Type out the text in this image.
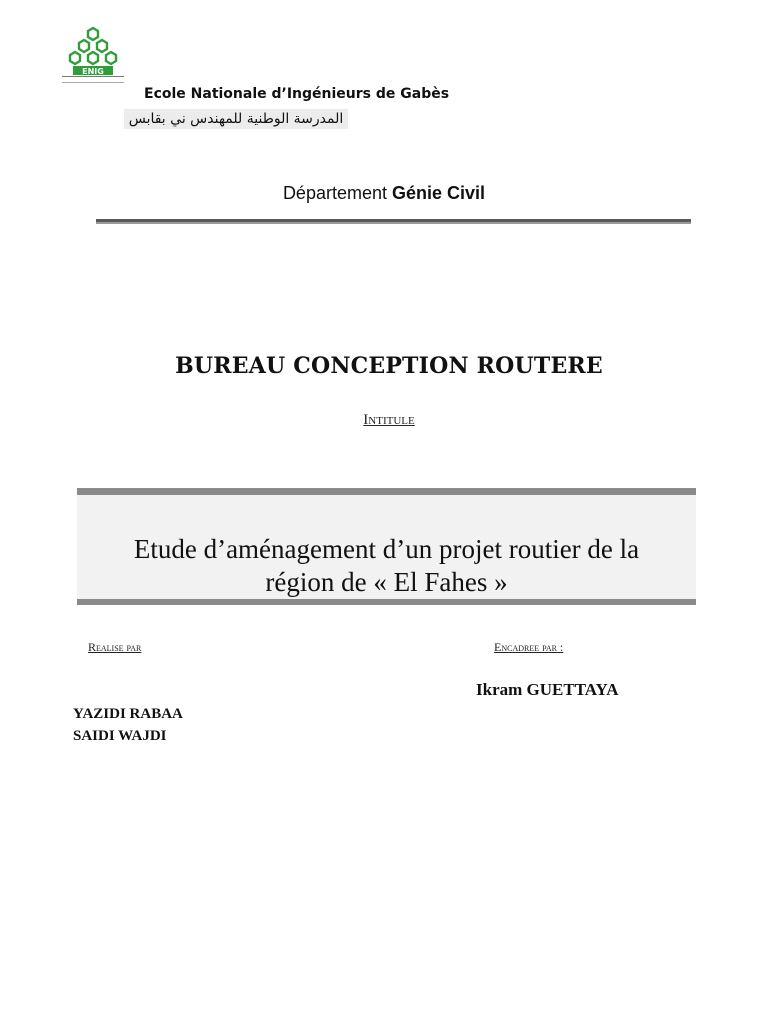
ENIG
Ecole Nationale d’Ingénieurs de Gabès
المدرسة الوطنية للمهندس ني بقابس
Département Génie Civil
BUREAU CONCEPTION ROUTERE
Intitule
Etude d’aménagement d’un projet routier de la
région de « El Fahes »
Realise par	Encadree par :
Ikram GUETTAYA
YAZIDI RABAA
SAIDI WAJDI
